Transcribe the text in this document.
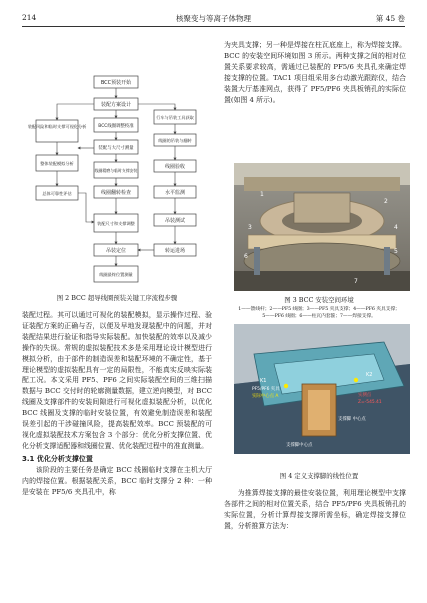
214	核聚变与等离子体物理	第 45 卷
装配风险和临时支撑可视化分析
整体装配模拟分析
总体可靠性评估
BCC预装开始
装配方案设计
BCC线圈调整校准
装配与大尺寸测量
线圈精磨与临时支撑安装
线圈翻转检查
装配尺寸和支撑调整
吊装定位
线圈最终位置测量
行车与吊装工具获取
线圈的吊装与翻转
线圈验收
水平监测
吊装测试
转运进场
图 2 BCC 超导线圈预装关键工序流程步骤

装配过程。其可以通过可视化的装配模拟，显示操作过程、验证装配方案的正确与否，以便及早地发现装配中的问题，并对装配结果进行验证和指导实际装配。加快装配的效率以及减少操作的失误。常规的虚拟装配技术多是采用理论设计模型进行模拟分析，由于部件的制造误差和装配环境的不确定性，基于理论模型的虚拟装配具有一定的局限性，不能真实反映实际装配工况。本文采用 PF5、PF6 之间实际装配空间的三维扫描数据与 BCC 交付时的轮廓测量数据，建立逆向模型，对 BCC 线圈及支撑部件的安装间隙进行可视化虚拟装配分析，以优化 BCC 线圈及支撑的临时安装位置，有效避免制造误差和装配误差引起的干涉碰撞风险，提高装配效率。BCC 预装配的可视化虚拟装配技术方案包含 3 个部分：优化分析支撑位置、优化分析支撑适配器和线圈位置、优化装配过程中的准直测量。

3.1 优化分析支撑位置

该阶段的主要任务是确定 BCC 线圈临时支撑在主机大厅内的焊接位置。根据装配关系，BCC 临时支撑分 2 种：一种是安装在 PF5/6 夹具孔中，称

为夹具支撑；另一种是焊接在柱瓦底座上，称为焊接支撑。BCC 的安装空间环境如图 3 所示。两种支撑之间的相对位置关系要求较高，需通过已装配的 PF5/6 夹具孔来确定焊接支撑的位置。TAC1 项目组采用多台动激光跟踪仪，结合装置大厅基准网点，获得了 PF5/PF6 夹具板销孔的实际位置(如图 4 所示)。

1
2
3	4
5
6
7
图 3 BCC 安装空间环境
1——馈线杆；2——PF5 线圈；3——PF5 夹具支撑；4——PF6 夹具支撑；
5——PF6 线圈；6——柱瓦内套箍；7——焊接支撑。
K1
PF5/PF6 夹具
实际中心点 A
K2
实测点
Z=-545.41
支撑脚 中心点
支撑脚中心点
图 4 定义支撑脚的线性位置

为推算焊接支撑的最佳安装位置，利用理论模型中支撑各部件之间的相对位置关系，结合 PF5/PF6 夹具板销孔的实际位置，分析计算焊接支撑所需坐标，确定焊接支撑位置，分析推算方法为：
